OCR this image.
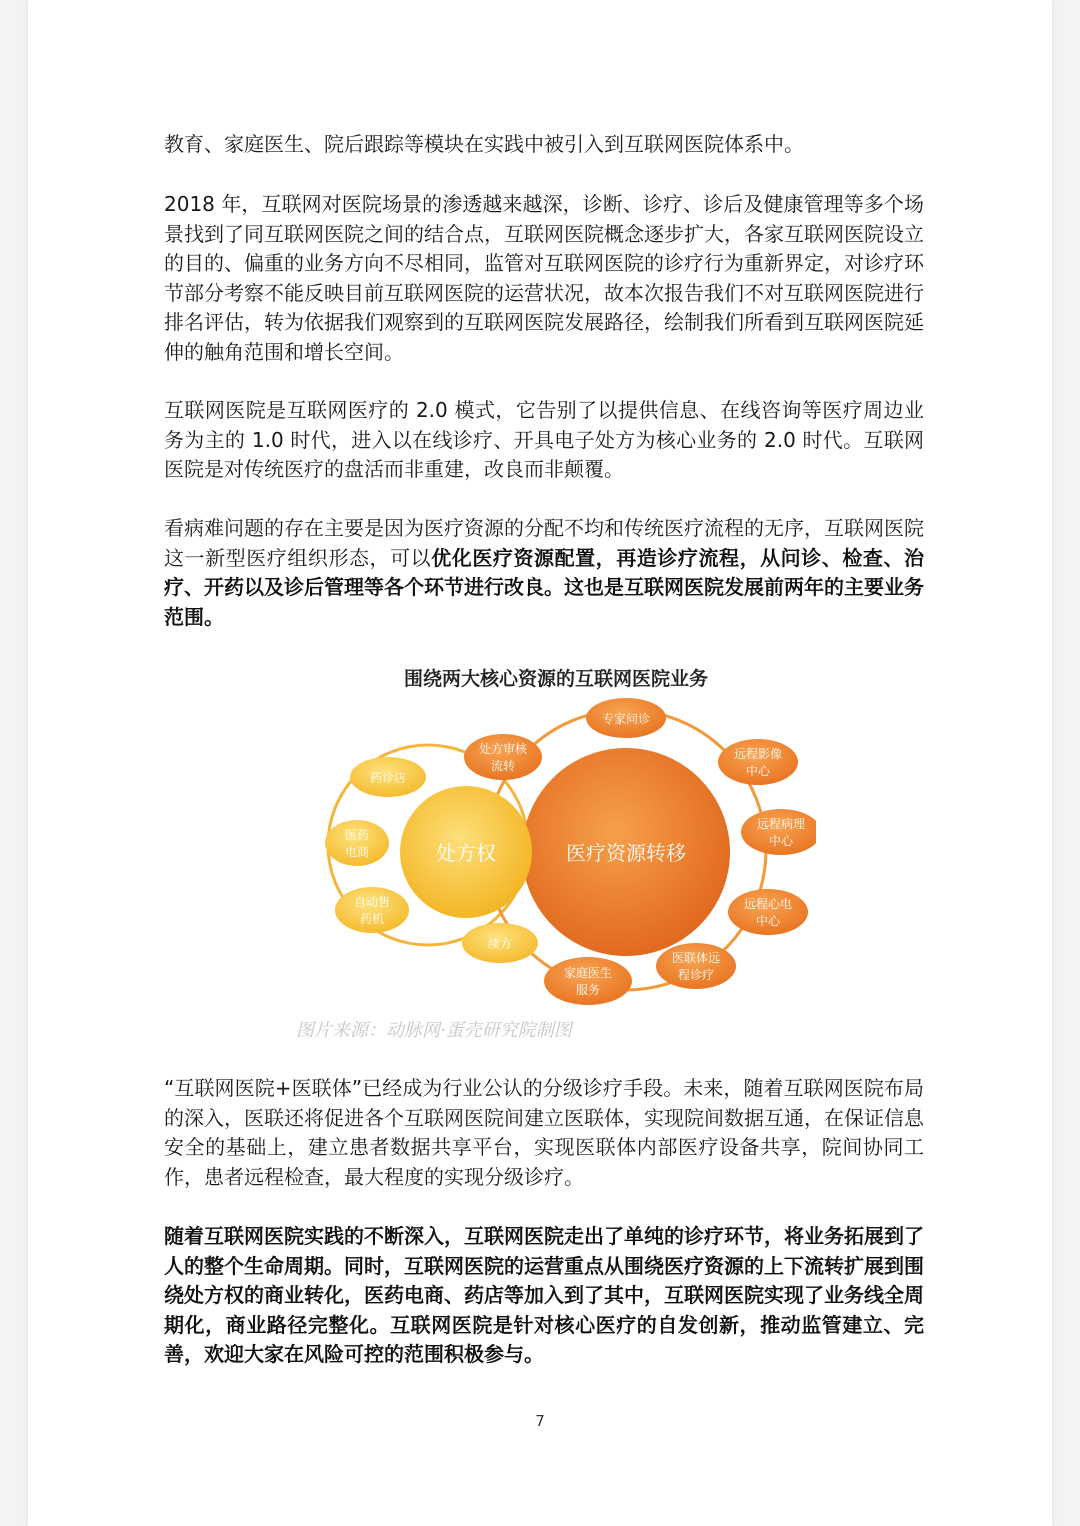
教育、家庭医生、院后跟踪等模块在实践中被引入到互联网医院体系中。

2018 年，互联网对医院场景的渗透越来越深，诊断、诊疗、诊后及健康管理等多个场景找到了同互联网医院之间的结合点，互联网医院概念逐步扩大，各家互联网医院设立的目的、偏重的业务方向不尽相同，监管对互联网医院的诊疗行为重新界定，对诊疗环节部分考察不能反映目前互联网医院的运营状况，故本次报告我们不对互联网医院进行排名评估，转为依据我们观察到的互联网医院发展路径，绘制我们所看到互联网医院延伸的触角范围和增长空间。

互联网医院是互联网医疗的 2.0 模式，它告别了以提供信息、在线咨询等医疗周边业务为主的 1.0 时代，进入以在线诊疗、开具电子处方为核心业务的 2.0 时代。互联网医院是对传统医疗的盘活而非重建，改良而非颠覆。

看病难问题的存在主要是因为医疗资源的分配不均和传统医疗流程的无序，互联网医院这一新型医疗组织形态，可以优化医疗资源配置，再造诊疗流程，从问诊、检查、治疗、开药以及诊后管理等各个环节进行改良。这也是互联网医院发展前两年的主要业务范围。

围绕两大核心资源的互联网医院业务
医疗资源转移
处方权
专家问诊
处方审核
流转
远程影像
中心
药诊店
远程病理
中心
医药
电商
远程心电
中心
自动售
药机
续方
医联体远
程诊疗
家庭医生
服务
图片来源：动脉网·蛋壳研究院制图

“互联网医院+医联体”已经成为行业公认的分级诊疗手段。未来，随着互联网医院布局的深入，医联还将促进各个互联网医院间建立医联体，实现院间数据互通，在保证信息安全的基础上，建立患者数据共享平台，实现医联体内部医疗设备共享，院间协同工作，患者远程检查，最大程度的实现分级诊疗。

随着互联网医院实践的不断深入，互联网医院走出了单纯的诊疗环节，将业务拓展到了人的整个生命周期。同时，互联网医院的运营重点从围绕医疗资源的上下流转扩展到围绕处方权的商业转化，医药电商、药店等加入到了其中，互联网医院实现了业务线全周期化，商业路径完整化。互联网医院是针对核心医疗的自发创新，推动监管建立、完善，欢迎大家在风险可控的范围积极参与。

7
